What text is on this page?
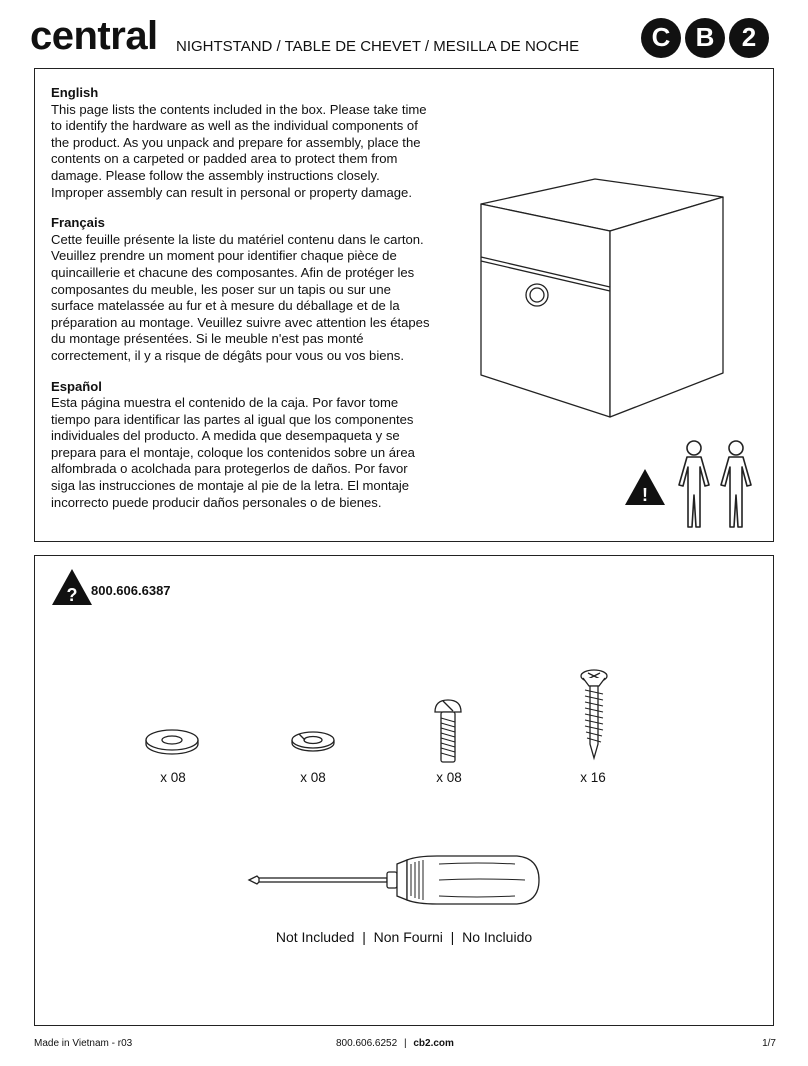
central NIGHTSTAND / TABLE DE CHEVET / MESILLA DE NOCHE	C B 2
English

This page lists the contents included in the box. Please take time to identify the hardware as well as the individual components of the product. As you unpack and prepare for assembly, place the contents on a carpeted or padded area to protect them from damage. Please follow the assembly instructions closely. Improper assembly can result in personal or property damage.

Français

Cette feuille présente la liste du matériel contenu dans le carton. Veuillez prendre un moment pour identifier chaque pièce de quincaillerie et chacune des composantes. Afin de protéger les composantes du meuble, les poser sur un tapis ou sur une surface matelassée au fur et à mesure du déballage et de la préparation au montage. Veuillez suivre avec attention les étapes du montage présentées. Si le meuble n'est pas monté correctement, il y a risque de dégâts pour vous ou vos biens.

Español

Esta página muestra el contenido de la caja. Por favor tome tiempo para identificar las partes al igual que los componentes individuales del producto. A medida que desempaqueta y se prepara para el montaje, coloque los contenidos sobre un área alfombrada o acolchada para protegerlos de daños. Por favor siga las instrucciones de montaje al pie de la letra. El montaje incorrecto puede producir daños personales o de bienes.	!
? 800.606.6387
x 08	x 08	x 08	x 16
Not Included  |  Non Fourni  |  No Incluido
Made in Vietnam - r03	800.606.6252 | cb2.com	1/7
